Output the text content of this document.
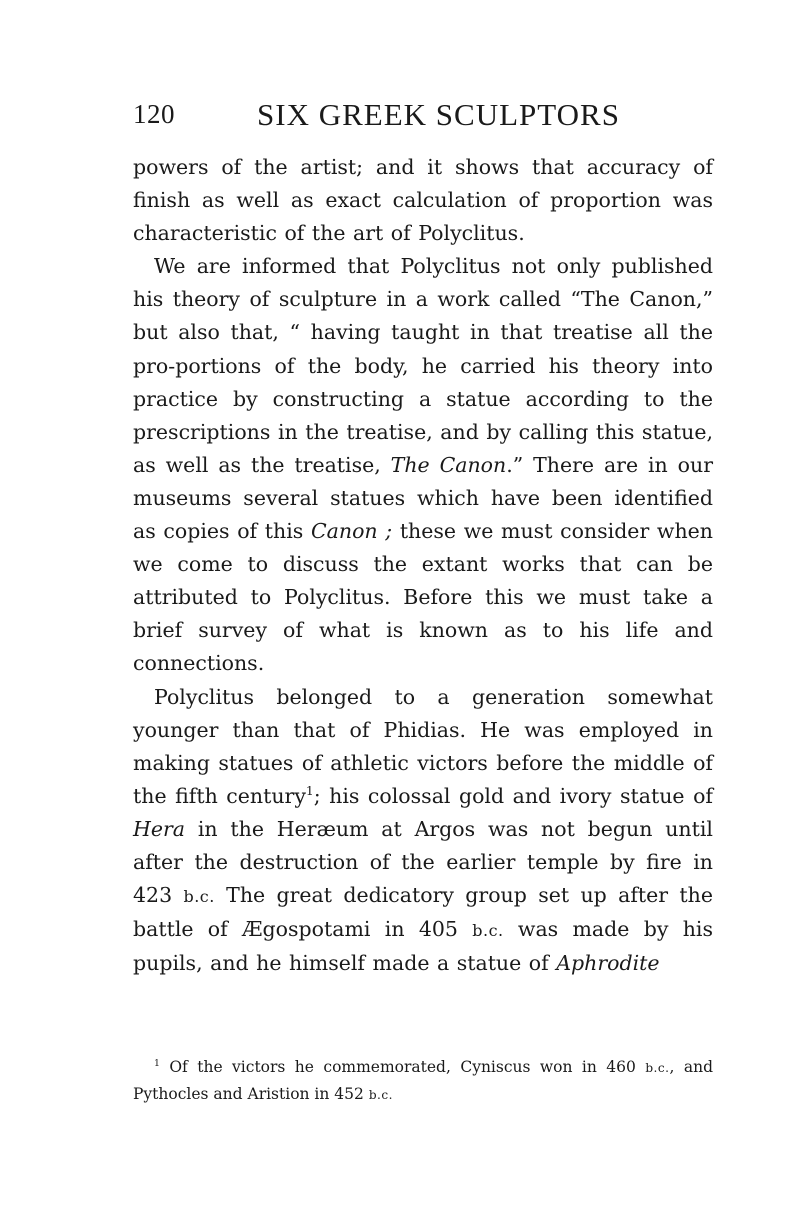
120	SIX GREEK SCULPTORS

powers of the artist; and it shows that accuracy of finish as well as exact calculation of proportion was characteristic of the art of Polyclitus.

We are informed that Polyclitus not only published his theory of sculpture in a work called “The Canon,” but also that, “ having taught in that treatise all the pro-portions of the body, he carried his theory into practice by constructing a statue according to the prescriptions in the treatise, and by calling this statue, as well as the treatise, The Canon.” There are in our museums several statues which have been identified as copies of this Canon ; these we must consider when we come to discuss the extant works that can be attributed to Polyclitus. Before this we must take a brief survey of what is known as to his life and connections.

Polyclitus belonged to a generation somewhat younger than that of Phidias. He was employed in making statues of athletic victors before the middle of the fifth century$^1$; his colossal gold and ivory statue of Hera in the Heræum at Argos was not begun until after the destruction of the earlier temple by fire in 423 b.c. The great dedicatory group set up after the battle of Ægospotami in 405 b.c. was made by his pupils, and he himself made a statue of Aphrodite

$^1$ Of the victors he commemorated, Cyniscus won in 460 b.c., and Pythocles and Aristion in 452 b.c.
